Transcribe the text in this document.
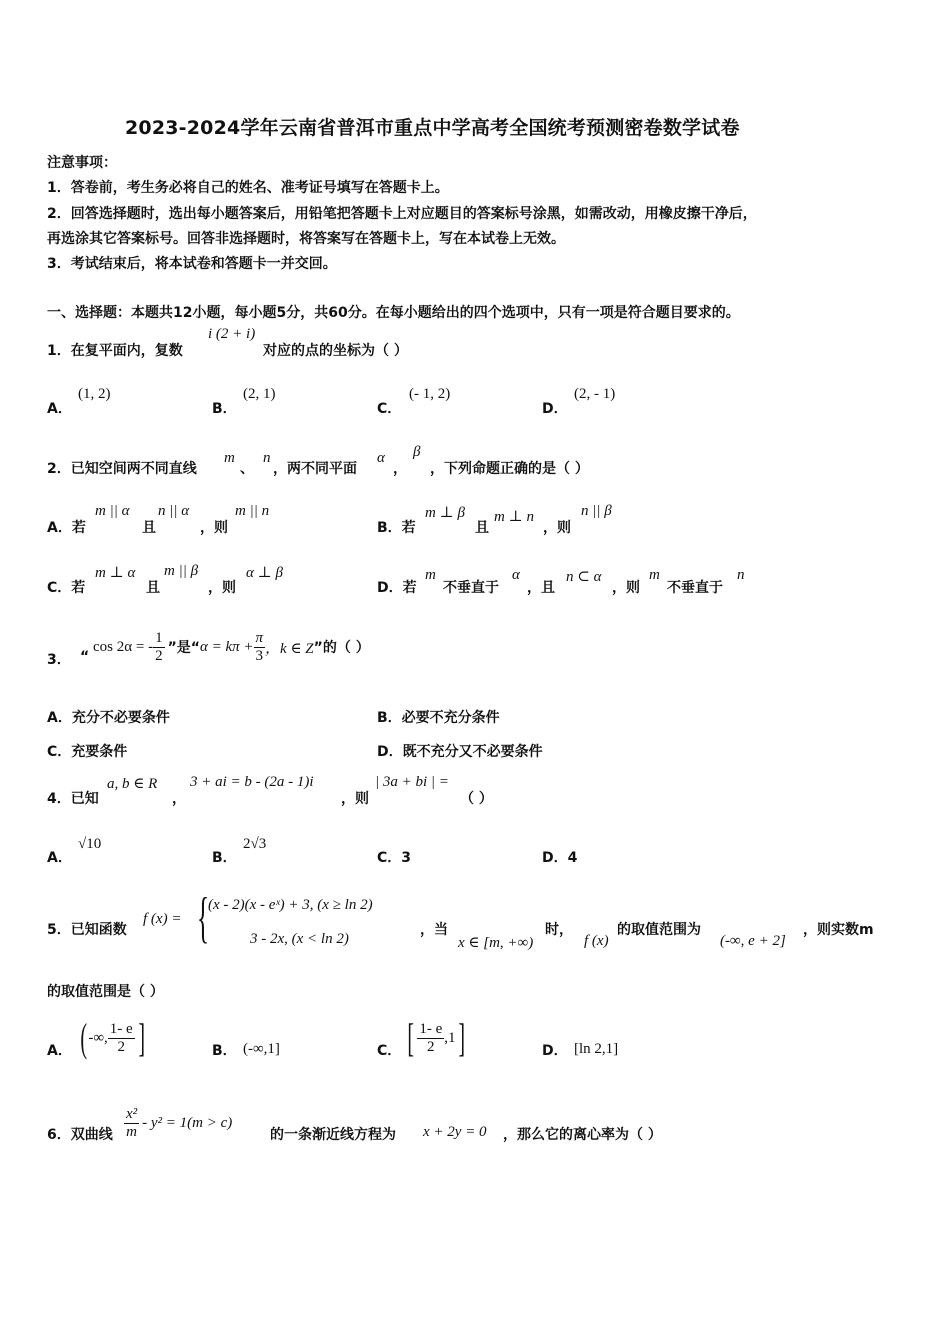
2023-2024学年云南省普洱市重点中学高考全国统考预测密卷数学试卷
注意事项：
1．答卷前，考生务必将自己的姓名、准考证号填写在答题卡上。
2．回答选择题时，选出每小题答案后，用铅笔把答题卡上对应题目的答案标号涂黑，如需改动，用橡皮擦干净后，
再选涂其它答案标号。回答非选择题时，将答案写在答题卡上，写在本试卷上无效。
3．考试结束后，将本试卷和答题卡一并交回。
一、选择题：本题共12小题，每小题5分，共60分。在每小题给出的四个选项中，只有一项是符合题目要求的。
1．在复平面内，复数
i (2 + i)
对应的点的坐标为（ ）
A．
(1, 2)
B．
(2, 1)
C．
(- 1, 2)
D．
(2, - 1)
2．已知空间两不同直线
m
、
n
，两不同平面
α
，
β
，下列命题正确的是（ ）
A．若
m || α
且
n || α
，则
m || n
B．若
m ⊥ β
且
m ⊥ n
，则
n || β
C．若
m ⊥ α
且
m || β
，则
α ⊥ β
D．若
m
不垂直于
α
，且
n ⊂ α
，则
m
不垂直于
n
3． “
cos 2α = - $\frac{1}{2}$ ”是“ $\alpha = k\pi + \frac{\pi}{3}$ ，k ∈ Z ”的（ ）
A．充分不必要条件	B．必要不充分条件
C．充要条件	D．既不充分又不必要条件
4．已知
a, b ∈ R
，
3 + ai = b - (2a - 1)i
，则
| 3a + bi | =
（ ）
A．
√10
B．
2√3
C．3	D．4
5．已知函数
f (x) = {
(x - 2)(x - eˣ) + 3, (x ≥ ln 2)
3 - 2x, (x < ln 2)
，当
x ∈ [m, +∞)
时，
f (x)
的取值范围为
(-∞, e + 2]
，则实数m
的取值范围是（ ）
A． ( -∞, $\frac{1- e}{2}$ ]	B． (-∞,1]	C． [ $\frac{1- e}{2} ,1$ ]	D． [ln 2,1]
6．双曲线 $\frac{\text{x²}}{m} - y^2 = 1(m > c)$
的一条渐近线方程为 x + 2y = 0 ，那么它的离心率为（ ）
